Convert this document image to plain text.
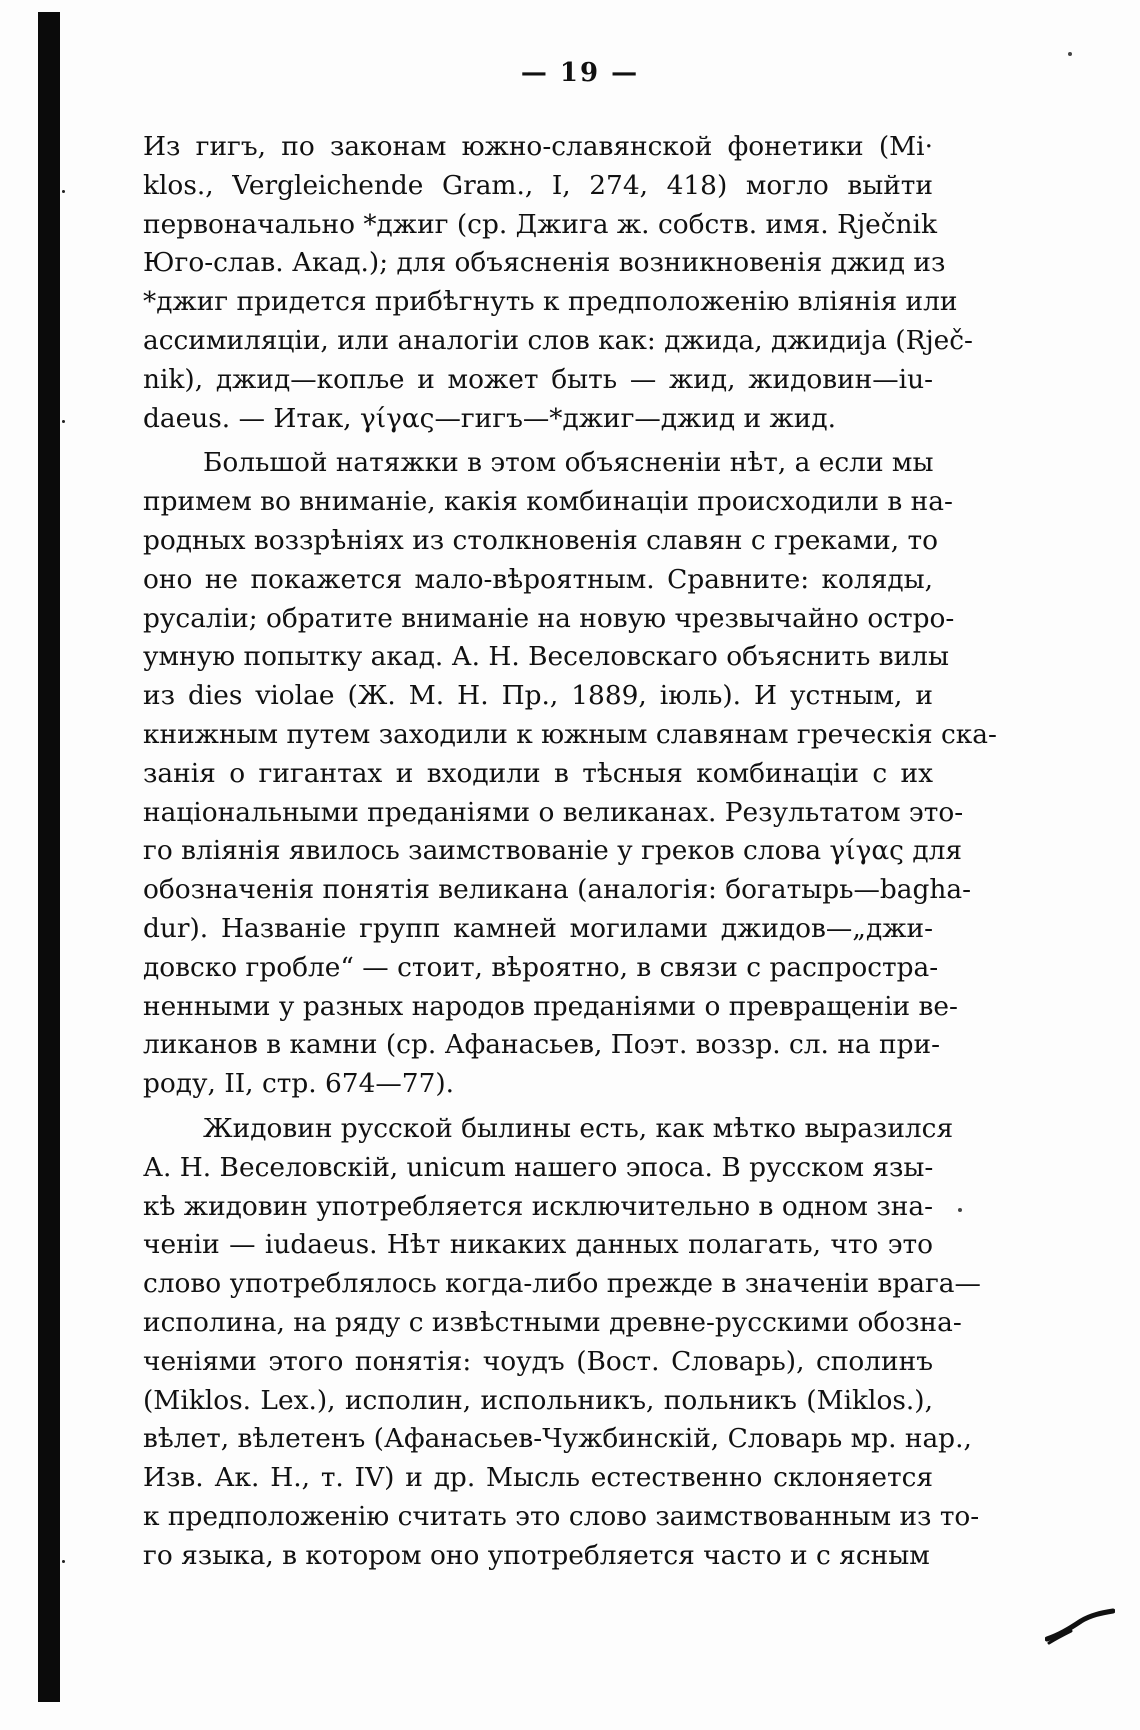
— 19 —
Из гигъ, по законам южно-славянской фонетики (Mi·
klos., Vergleichende Gram., I, 274, 418) могло выйти
первоначально *джиг (ср. Джига ж. собств. имя. Rječnik
Юго-слав. Акад.); для объясненія возникновенія джид из
*джиг придется прибѣгнуть к предположенію вліянія или
ассимиляціи, или аналогіи слов как: джида, джидија (Rječ-
nik), джид—копље и может быть — жид, жидовин—iu-
daeus. — Итак, γίγας—гигъ—*джиг—джид и жид.
Большой натяжки в этом объясненіи нѣт, а если мы
примем во вниманіе, какія комбинаціи происходили в на-
родных воззрѣніях из столкновенія славян с греками, то
оно не покажется мало-вѣроятным. Сравните: коляды,
русаліи; обратите вниманіе на новую чрезвычайно остро-
умную попытку акад. А. Н. Веселовскаго объяснить вилы
из dies violae (Ж. М. Н. Пр., 1889, іюль). И устным, и
книжным путем заходили к южным славянам греческія ска-
занія о гигантах и входили в тѣсныя комбинаціи с их
національными преданіями о великанах. Результатом это-
го вліянія явилось заимствованіе у греков слова γίγας для
обозначенія понятія великана (аналогія: богатырь—bagha-
dur). Названіе групп камней могилами джидов—„джи-
довско гробле“ — стоит, вѣроятно, в связи с распростра-
ненными у разных народов преданіями о превращеніи ве-
ликанов в камни (ср. Афанасьев, Поэт. воззр. сл. на при-
роду, II, стр. 674—77).
Жидовин русской былины есть, как мѣтко выразился
А. Н. Веселовскій, unicum нашего эпоса. В русском язы-
кѣ жидовин употребляется исключительно в одном зна-
ченіи — iudaeus. Нѣт никаких данных полагать, что это
слово употреблялось когда-либо прежде в значеніи врага—
исполина, на ряду с извѣстными древне-русскими обозна-
ченіями этого понятія: чоудъ (Вост. Словарь), сполинъ
(Miklos. Lex.), исполин, испольникъ, польникъ (Miklos.),
вѣлет, вѣлетенъ (Афанасьев-Чужбинскій, Словарь мр. нар.,
Изв. Ак. Н., т. IV) и др. Мысль естественно склоняется
к предположенію считать это слово заимствованным из то-
го языка, в котором оно употребляется часто и с ясным
